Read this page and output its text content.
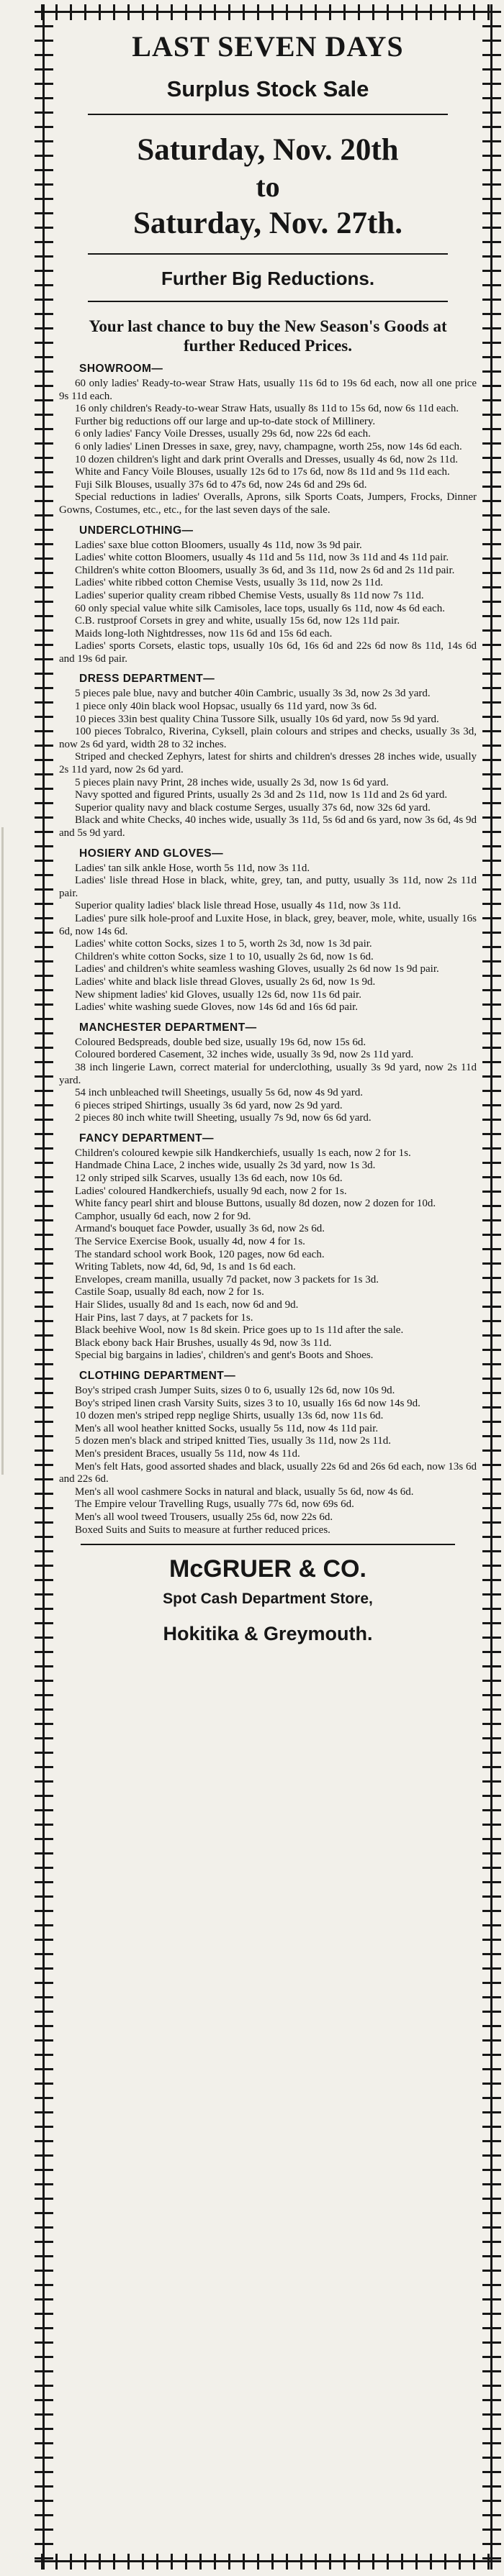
LAST SEVEN DAYS
Surplus Stock Sale
Saturday, Nov. 20th
to
Saturday, Nov. 27th.
Further Big Reductions.
Your last chance to buy the New Season's Goods at further Reduced Prices.
SHOWROOM—

60 only ladies' Ready-to-wear Straw Hats, usually 11s 6d to 19s 6d each, now all one price 9s 11d each.

16 only children's Ready-to-wear Straw Hats, usually 8s 11d to 15s 6d, now 6s 11d each.

Further big reductions off our large and up-to-date stock of Millinery.

6 only ladies' Fancy Voile Dresses, usually 29s 6d, now 22s 6d each.

6 only ladies' Linen Dresses in saxe, grey, navy, champagne, worth 25s, now 14s 6d each.

10 dozen children's light and dark print Overalls and Dresses, usually 4s 6d, now 2s 11d.

White and Fancy Voile Blouses, usually 12s 6d to 17s 6d, now 8s 11d and 9s 11d each.

Fuji Silk Blouses, usually 37s 6d to 47s 6d, now 24s 6d and 29s 6d.

Special reductions in ladies' Overalls, Aprons, silk Sports Coats, Jumpers, Frocks, Dinner Gowns, Costumes, etc., etc., for the last seven days of the sale.

UNDERCLOTHING—

Ladies' saxe blue cotton Bloomers, usually 4s 11d, now 3s 9d pair.

Ladies' white cotton Bloomers, usually 4s 11d and 5s 11d, now 3s 11d and 4s 11d pair.

Children's white cotton Bloomers, usually 3s 6d, and 3s 11d, now 2s 6d and 2s 11d pair.

Ladies' white ribbed cotton Chemise Vests, usually 3s 11d, now 2s 11d.

Ladies' superior quality cream ribbed Chemise Vests, usually 8s 11d now 7s 11d.

60 only special value white silk Camisoles, lace tops, usually 6s 11d, now 4s 6d each.

C.B. rustproof Corsets in grey and white, usually 15s 6d, now 12s 11d pair.

Maids long-loth Nightdresses, now 11s 6d and 15s 6d each.

Ladies' sports Corsets, elastic tops, usually 10s 6d, 16s 6d and 22s 6d now 8s 11d, 14s 6d and 19s 6d pair.

DRESS DEPARTMENT—

5 pieces pale blue, navy and butcher 40in Cambric, usually 3s 3d, now 2s 3d yard.

1 piece only 40in black wool Hopsac, usually 6s 11d yard, now 3s 6d.

10 pieces 33in best quality China Tussore Silk, usually 10s 6d yard, now 5s 9d yard.

100 pieces Tobralco, Riverina, Cyksell, plain colours and stripes and checks, usually 3s 3d, now 2s 6d yard, width 28 to 32 inches.

Striped and checked Zephyrs, latest for shirts and children's dresses 28 inches wide, usually 2s 11d yard, now 2s 6d yard.

5 pieces plain navy Print, 28 inches wide, usually 2s 3d, now 1s 6d yard.

Navy spotted and figured Prints, usually 2s 3d and 2s 11d, now 1s 11d and 2s 6d yard.

Superior quality navy and black costume Serges, usually 37s 6d, now 32s 6d yard.

Black and white Checks, 40 inches wide, usually 3s 11d, 5s 6d and 6s yard, now 3s 6d, 4s 9d and 5s 9d yard.

HOSIERY AND GLOVES—

Ladies' tan silk ankle Hose, worth 5s 11d, now 3s 11d.

Ladies' lisle thread Hose in black, white, grey, tan, and putty, usually 3s 11d, now 2s 11d pair.

Superior quality ladies' black lisle thread Hose, usually 4s 11d, now 3s 11d.

Ladies' pure silk hole-proof and Luxite Hose, in black, grey, beaver, mole, white, usually 16s 6d, now 14s 6d.

Ladies' white cotton Socks, sizes 1 to 5, worth 2s 3d, now 1s 3d pair.

Children's white cotton Socks, size 1 to 10, usually 2s 6d, now 1s 6d.

Ladies' and children's white seamless washing Gloves, usually 2s 6d now 1s 9d pair.

Ladies' white and black lisle thread Gloves, usually 2s 6d, now 1s 9d.

New shipment ladies' kid Gloves, usually 12s 6d, now 11s 6d pair.

Ladies' white washing suede Gloves, now 14s 6d and 16s 6d pair.

MANCHESTER DEPARTMENT—

Coloured Bedspreads, double bed size, usually 19s 6d, now 15s 6d.

Coloured bordered Casement, 32 inches wide, usually 3s 9d, now 2s 11d yard.

38 inch lingerie Lawn, correct material for underclothing, usually 3s 9d yard, now 2s 11d yard.

54 inch unbleached twill Sheetings, usually 5s 6d, now 4s 9d yard.

6 pieces striped Shirtings, usually 3s 6d yard, now 2s 9d yard.

2 pieces 80 inch white twill Sheeting, usually 7s 9d, now 6s 6d yard.

FANCY DEPARTMENT—

Children's coloured kewpie silk Handkerchiefs, usually 1s each, now 2 for 1s.

Handmade China Lace, 2 inches wide, usually 2s 3d yard, now 1s 3d.

12 only striped silk Scarves, usually 13s 6d each, now 10s 6d.

Ladies' coloured Handkerchiefs, usually 9d each, now 2 for 1s.

White fancy pearl shirt and blouse Buttons, usually 8d dozen, now 2 dozen for 10d.

Camphor, usually 6d each, now 2 for 9d.

Armand's bouquet face Powder, usually 3s 6d, now 2s 6d.

The Service Exercise Book, usually 4d, now 4 for 1s.

The standard school work Book, 120 pages, now 6d each.

Writing Tablets, now 4d, 6d, 9d, 1s and 1s 6d each.

Envelopes, cream manilla, usually 7d packet, now 3 packets for 1s 3d.

Castile Soap, usually 8d each, now 2 for 1s.

Hair Slides, usually 8d and 1s each, now 6d and 9d.

Hair Pins, last 7 days, at 7 packets for 1s.

Black beehive Wool, now 1s 8d skein. Price goes up to 1s 11d after the sale.

Black ebony back Hair Brushes, usually 4s 9d, now 3s 11d.

Special big bargains in ladies', children's and gent's Boots and Shoes.

CLOTHING DEPARTMENT—

Boy's striped crash Jumper Suits, sizes 0 to 6, usually 12s 6d, now 10s 9d.

Boy's striped linen crash Varsity Suits, sizes 3 to 10, usually 16s 6d now 14s 9d.

10 dozen men's striped repp neglige Shirts, usually 13s 6d, now 11s 6d.

Men's all wool heather knitted Socks, usually 5s 11d, now 4s 11d pair.

5 dozen men's black and striped knitted Ties, usually 3s 11d, now 2s 11d.

Men's president Braces, usually 5s 11d, now 4s 11d.

Men's felt Hats, good assorted shades and black, usually 22s 6d and 26s 6d each, now 13s 6d and 22s 6d.

Men's all wool cashmere Socks in natural and black, usually 5s 6d, now 4s 6d.

The Empire velour Travelling Rugs, usually 77s 6d, now 69s 6d.

Men's all wool tweed Trousers, usually 25s 6d, now 22s 6d.

Boxed Suits and Suits to measure at further reduced prices.

McGRUER & CO.
Spot Cash Department Store,
Hokitika & Greymouth.
